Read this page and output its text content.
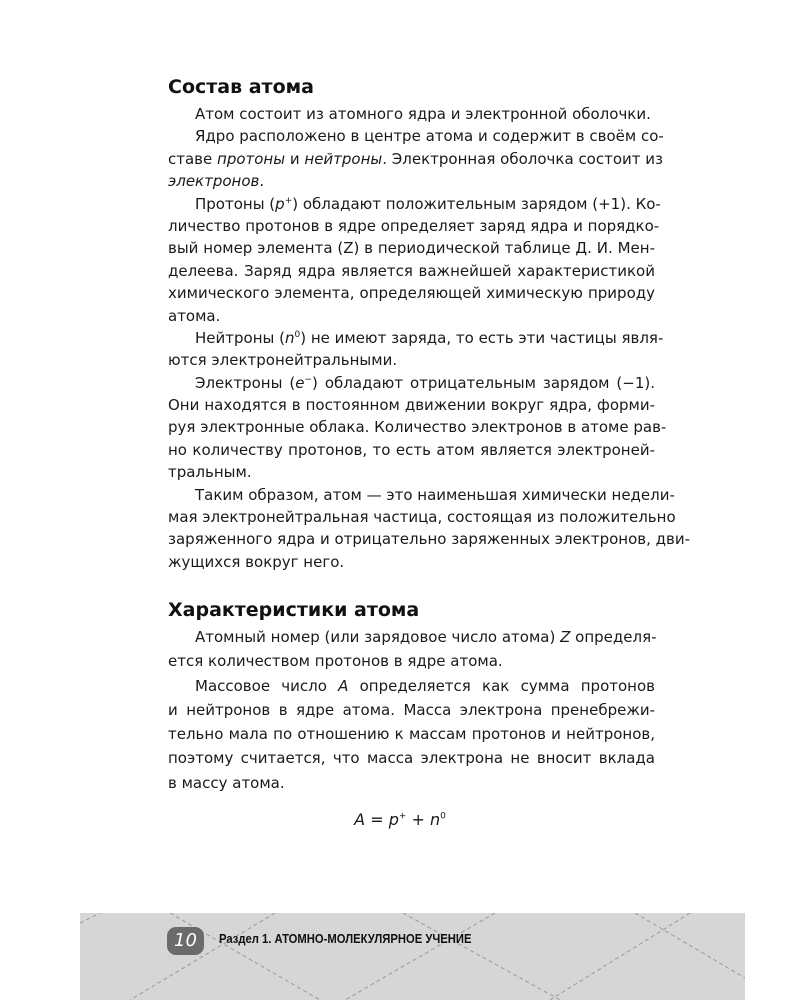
Состав атома
Атом состоит из атомного ядра и электронной оболочки.
Ядро расположено в центре атома и содержит в своём со-
ставе протоны и нейтроны. Электронная оболочка состоит из
электронов.
Протоны (p+) обладают положительным зарядом (+1). Ко-
личество протонов в ядре определяет заряд ядра и порядко-
вый номер элемента (Z) в периодической таблице Д. И. Мен-
делеева. Заряд ядра является важнейшей характеристикой
химического элемента, определяющей химическую природу
атома.
Нейтроны $(n^0)$ не имеют заряда, то есть эти частицы явля-
ются электронейтральными.
Электроны (e−) обладают отрицательным зарядом (−1).
Они находятся в постоянном движении вокруг ядра, форми-
руя электронные облака. Количество электронов в атоме рав-
но количеству протонов, то есть атом является электроней-
тральным.
Таким образом, атом — это наименьшая химически недели-
мая электронейтральная частица, состоящая из положительно
заряженного ядра и отрицательно заряженных электронов, дви-
жущихся вокруг него.
Характеристики атома
Атомный номер (или зарядовое число атома) Z определя-
ется количеством протонов в ядре атома.
Массовое число A определяется как сумма протонов
и нейтронов в ядре атома. Масса электрона пренебрежи-
тельно мала по отношению к массам протонов и нейтронов,
поэтому считается, что масса электрона не вносит вклада
в массу атома.
$A = p^+ + n^0$
10	Раздел 1. АТОМНО-МОЛЕКУЛЯРНОЕ УЧЕНИЕ
